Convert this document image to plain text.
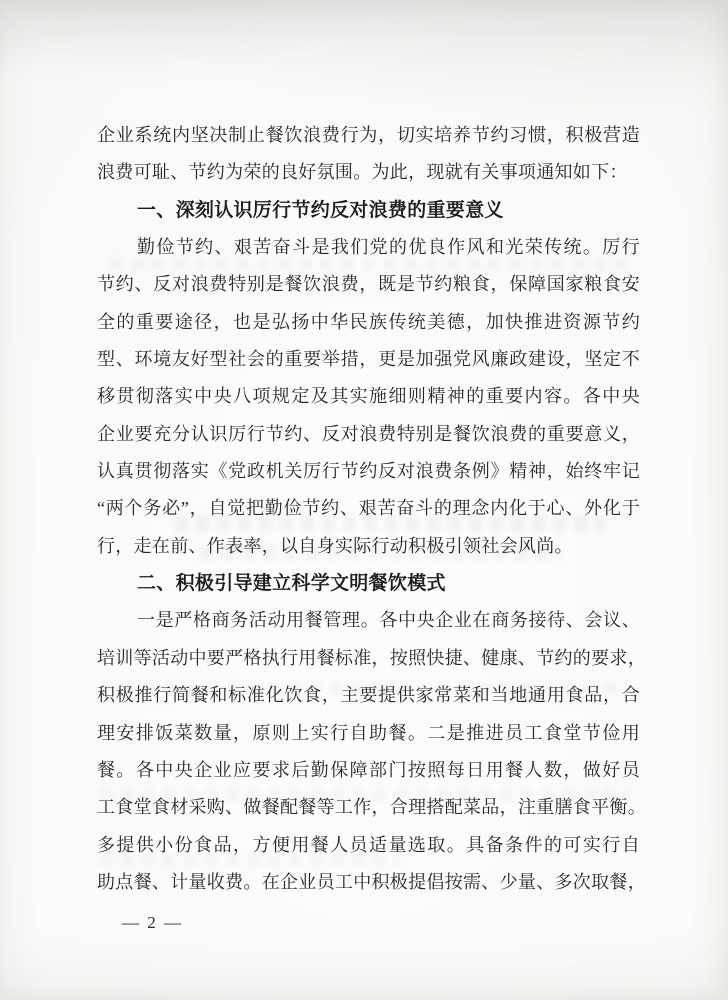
企业系统内坚决制止餐饮浪费行为，切实培养节约习惯，积极营造
浪费可耻、节约为荣的良好氛围。为此，现就有关事项通知如下：
一、深刻认识厉行节约反对浪费的重要意义
勤俭节约、艰苦奋斗是我们党的优良作风和光荣传统。厉行
节约、反对浪费特别是餐饮浪费，既是节约粮食，保障国家粮食安
全的重要途径，也是弘扬中华民族传统美德，加快推进资源节约
型、环境友好型社会的重要举措，更是加强党风廉政建设，坚定不
移贯彻落实中央八项规定及其实施细则精神的重要内容。各中央
企业要充分认识厉行节约、反对浪费特别是餐饮浪费的重要意义，
认真贯彻落实《党政机关厉行节约反对浪费条例》精神，始终牢记
“两个务必”，自觉把勤俭节约、艰苦奋斗的理念内化于心、外化于
行，走在前、作表率，以自身实际行动积极引领社会风尚。
二、积极引导建立科学文明餐饮模式
一是严格商务活动用餐管理。各中央企业在商务接待、会议、
培训等活动中要严格执行用餐标准，按照快捷、健康、节约的要求，
积极推行简餐和标准化饮食，主要提供家常菜和当地通用食品，合
理安排饭菜数量，原则上实行自助餐。二是推进员工食堂节俭用
餐。各中央企业应要求后勤保障部门按照每日用餐人数，做好员
工食堂食材采购、做餐配餐等工作，合理搭配菜品，注重膳食平衡。
多提供小份食品，方便用餐人员适量选取。具备条件的可实行自
助点餐、计量收费。在企业员工中积极提倡按需、少量、多次取餐，
— 2 —
